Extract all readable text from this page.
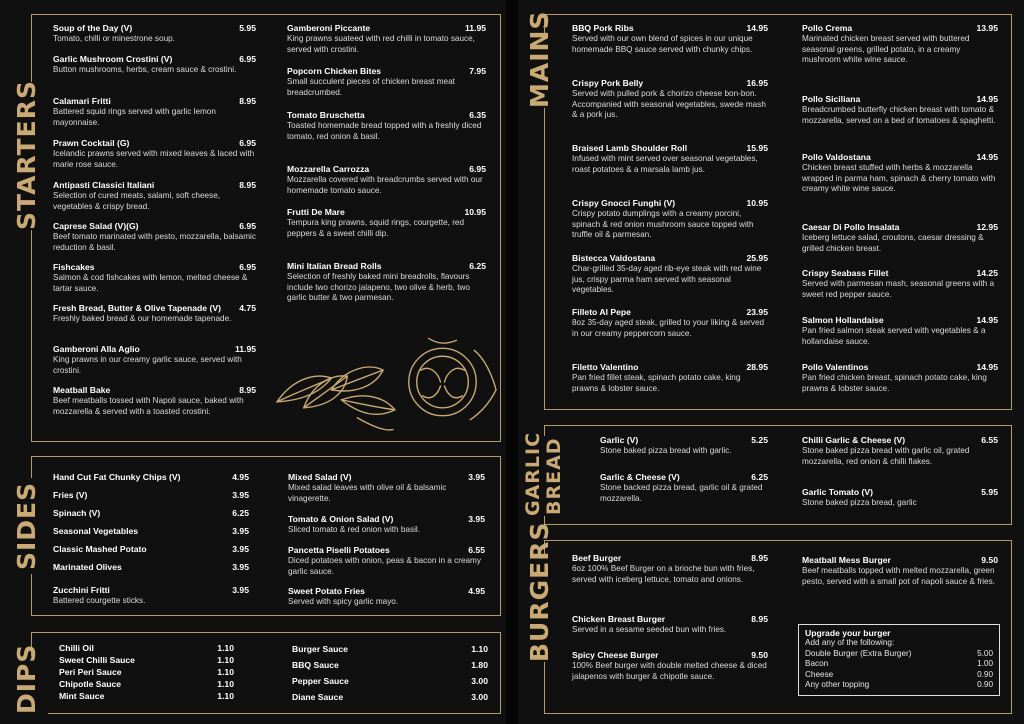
STARTERS
Soup of the Day (V)	5.95
Tomato, chilli or minestrone soup.
Garlic Mushroom Crostini (V)	6.95
Button mushrooms, herbs, cream sauce & crostini.
Calamari Fritti	8.95
Battered squid rings served with garlic lemon mayonnaise.
Prawn Cocktail (G)	6.95
Icelandic prawns served with mixed leaves & laced with marie rose sauce.
Antipasti Classici Italiani	8.95
Selection of cured meats, salami, soft cheese, vegetables & crispy bread.
Caprese Salad (V)(G)	6.95
Beef tomato marinated with pesto, mozzarella, balsamic reduction & basil.
Fishcakes	6.95
Salmon & cod fishcakes with lemon, melted cheese & tartar sauce.
Fresh Bread, Butter & Olive Tapenade (V) 4.75
Freshly baked bread & our homemade tapenade.
Gamberoni Alla Aglio	11.95
King prawns in our creamy garlic sauce, served with crostini.
Meatball Bake	8.95
Beef meatballs tossed with Napoli sauce, baked with mozzarella & served with a toasted crostini.
Gamberoni Piccante	11.95
King prawns suateed with red chilli in tomato sauce, served with crostini.
Popcorn Chicken Bites	7.95
Small succulent pieces of chicken breast meat breadcrumbed.
Tomato Bruschetta	6.35
Toasted homemade bread topped with a freshly diced tomato, red onion & basil.
Mozzarella Carrozza	6.95
Mozzarella covered with breadcrumbs served with our homemade tomato sauce.
Frutti De Mare	10.95
Tempura king prawns, squid rings, courgette, red peppers & a sweet chilli dip.
Mini Italian Bread Rolls	6.25
Selection of freshly baked mini breadrolls, flavours include two chorizo jalapeno, two olive & herb, two garlic butter & two parmesan.
SIDES
Hand Cut Fat Chunky Chips (V)	4.95
Fries (V)	3.95
Spinach (V)	6.25
Seasonal Vegetables	3.95
Classic Mashed Potato	3.95
Marinated Olives	3.95
Zucchini Fritti	3.95
Battered courgette sticks.
Mixed Salad (V)	3.95
Mixed salad leaves with olive oil & balsamic vinagerette.
Tomato & Onion Salad (V)	3.95
Sliced tomato & red onion with basil.
Pancetta Piselli Potatoes	6.55
Diced potatoes with onion, peas & bacon in a creamy garlic sauce.
Sweet Potato Fries	4.95
Served with spicy garlic mayo.
DIPS	Chilli Oil	1.10
Sweet Chilli Sauce	1.10
Peri Peri Sauce	1.10
Chipotle Sauce	1.10
Mint Sauce	1.10
Burger Sauce	1.10
BBQ Sauce	1.80
Pepper Sauce	3.00
Diane Sauce	3.00
MAINS	BBQ Pork Ribs	14.95
Served with our own blend of spices in our unique homemade BBQ sauce served with chunky chips.
Crispy Pork Belly	16.95
Served with pulled pork & chorizo cheese bon-bon. Accompanied with seasonal vegetables, swede mash & a pork jus.
Braised Lamb Shoulder Roll	15.95
Infused with mint served over seasonal vegetables, roast potatoes & a marsala lamb jus.
Crispy Gnocci Funghi (V)	10.95
Crispy potato dumplings with a creamy porcini, spinach & red onion mushroom sauce topped with truffle oil & parmesan.
Bistecca Valdostana	25.95
Char-grilled 35-day aged rib-eye steak with red wine jus, crispy parma ham served with seasonal vegetables.
Filleto Al Pepe	23.95
8oz 35-day aged steak, grilled to your liking & served in our creamy peppercorn sauce.
Filetto Valentino	28.95
Pan fried fillet steak, spinach potato cake, king prawns & lobster sauce.
Pollo Crema	13.95
Marinated chicken breast served with buttered seasonal greens, grilled potato, in a creamy mushroom white wine sauce.
Pollo Siciliana	14.95
Breadcrumbed butterfly chicken breast with tomato & mozzarella, served on a bed of tomatoes & spaghetti.
Pollo Valdostana	14.95
Chicken breast stuffed with herbs & mozzarella wrapped in parma ham, spinach & cherry tomato with creamy white wine sauce.
Caesar Di Pollo Insalata	12.95
Iceberg lettuce salad, croutons, caesar dressing & grilled chicken breast.
Crispy Seabass Fillet	14.25
Served with parmesan mash, seasonal greens with a sweet red pepper sauce.
Salmon Hollandaise	14.95
Pan fried salmon steak served with vegetables & a hollandaise sauce.
Pollo Valentinos	14.95
Pan fried chicken breast, spinach potato cake, king prawns & lobster sauce.
GARLIC
BREAD	Garlic (V)	5.25
Stone baked pizza bread with garlic.
Garlic & Cheese (V)	6.25
Stone backed pizza bread, garlic oil & grated mozzarella.
Chilli Garlic & Cheese (V)	6.55
Stone baked pizza bread with garlic oil, grated mozzarella, red onion & chilli flakes.
Garlic Tomato (V)	5.95
Stone baked pizza bread, garlic
BURGERS	Beef Burger	8.95
6oz 100% Beef Burger on a brioche bun with fries, served with iceberg lettuce, tomato and onions.
Chicken Breast Burger	8.95
Served in a sesame seeded bun with fries.
Spicy Cheese Burger	9.50
100% Beef burger with double melted cheese & diced jalapenos with burger & chipotle sauce.
Meatball Mess Burger	9.50
Beef meatballs topped with melted mozzarella, green pesto, served with a small pot of napoli sauce & fries.
Upgrade your burger
Add any of the following:
Double Burger (Extra Burger)	5.00
Bacon	1.00
Cheese	0.90
Any other topping	0.90
